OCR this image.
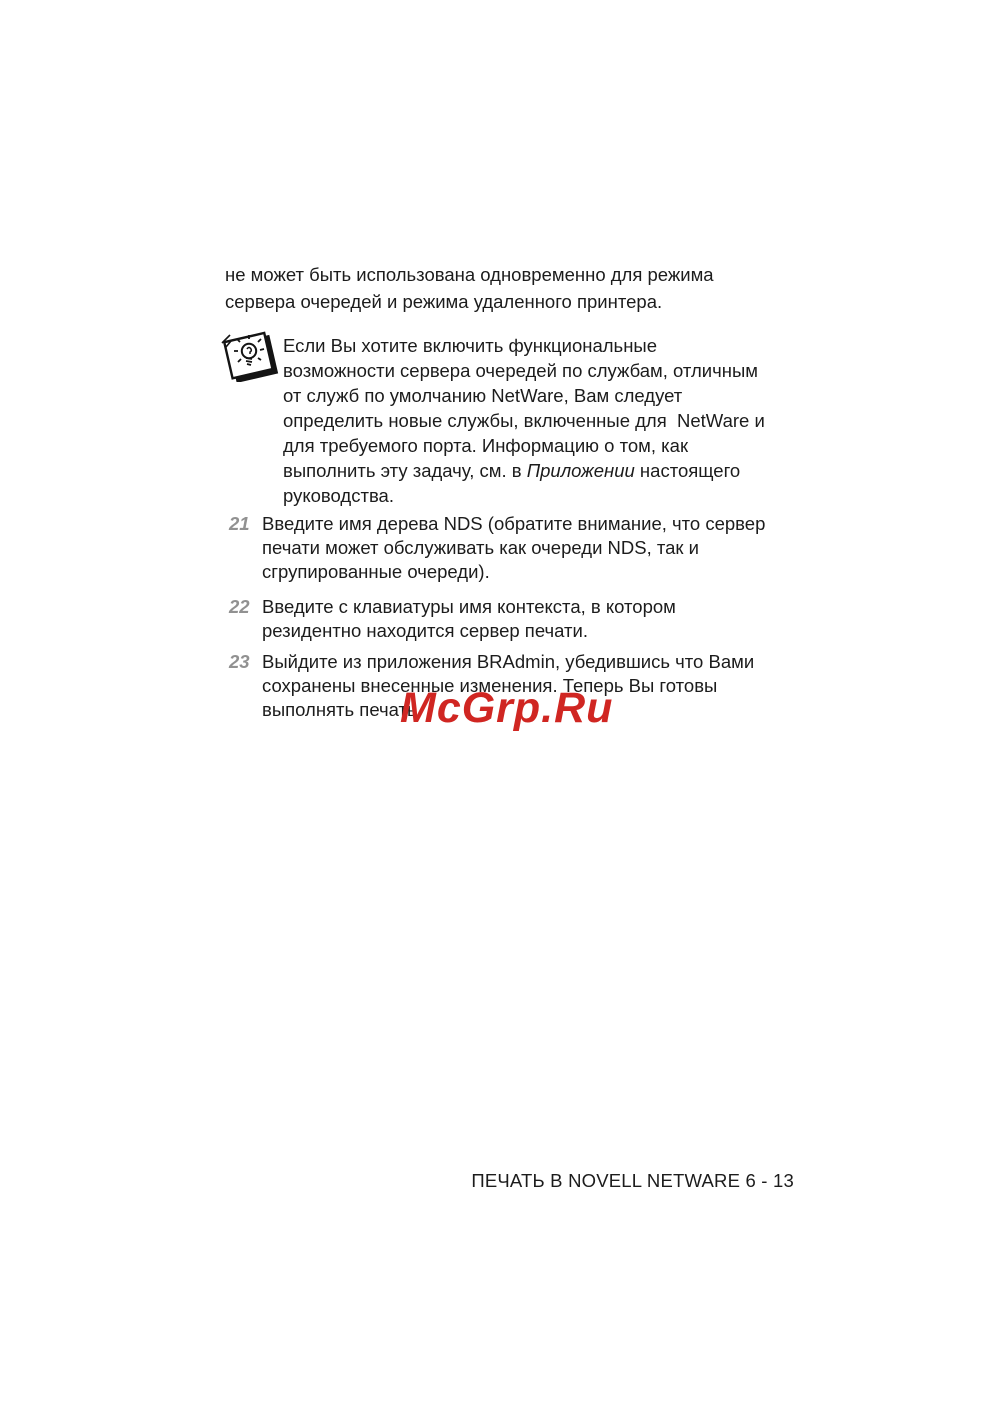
не может быть использована одновременно для режима
сервера очередей и режима удаленного принтера.
Если Вы хотите включить функциональные
возможности сервера очередей по службам, отличным
от служб по умолчанию NetWare, Вам следует
определить новые службы, включенные для  NetWare и
для требуемого порта. Информацию о том, как
выполнить эту задачу, см. в Приложении настоящего
руководства.
21 Введите имя дерева NDS (обратите внимание, что сервер
печати может обслуживать как очереди NDS, так и
сгрупированные очереди).
22 Введите с клавиатуры имя контекста, в котором
резидентно находится сервер печати.
23 Выйдите из приложения BRAdmin, убедившись что Вами
сохранены внесенные изменения. Теперь Вы готовы
выполнять печать.
McGrp.Ru
ПЕЧАТЬ В NOVELL NETWARE 6 - 13
